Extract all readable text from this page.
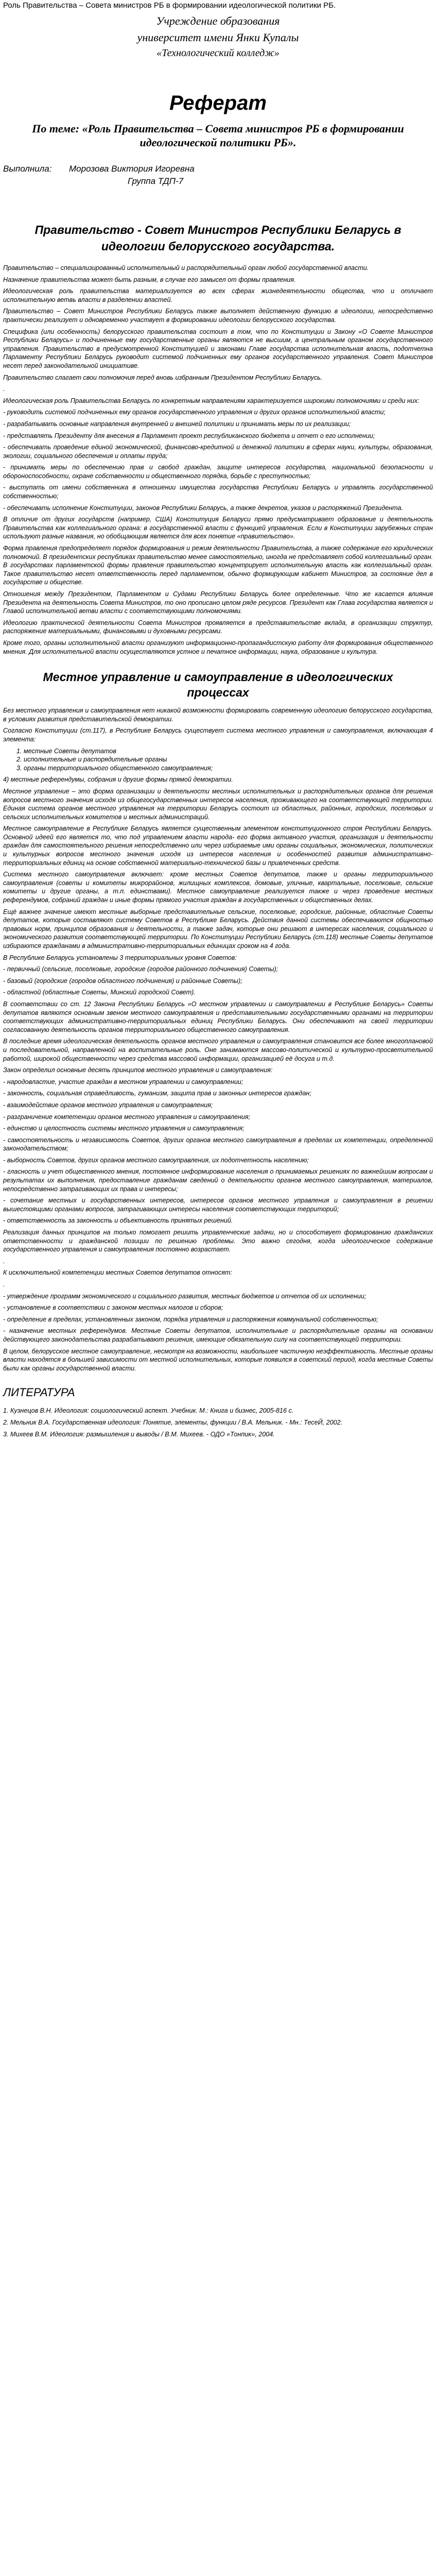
Роль Правительства – Совета министров РБ в формировании идеологической политики РБ.
Учреждение образования
университет имени Янки Купалы
«Технологический колледж»
Реферат
По теме: «Роль Правительства – Совета министров РБ в формировании идеологической политики РБ».
Выполнила: Морозова Виктория Игоревна
Группа ТДП-7
Правительство - Совет Министров Республики Беларусь в идеологии белорусского государства.

Правительство – специализированный исполнительный и распорядительный орган любой государственной власти.

Назначение правительства может быть разным, в случае его замысел от формы правления.

Идеологическая роль правительства материализуется во всех сферах жизнедеятельности общества, что и отличает исполнительную ветвь власти в разделении властей.

Правительство – Совет Министров Республики Беларусь также выполняет действенную функцию в идеологии, непосредственно практически реализует и одновременно участвует в формировании идеологии белорусского государства.

Специфика (или особенность) белорусского правительства состоит в том, что по Конституции и Закону «О Совете Министров Республики Беларусь» и подчиненные ему государственные органы являются не высшим, а центральным органом государственного управления. Правительство в предусмотренной Конституцией и законами Главе государства исполнительная власть, подотчетна Парламенту Республики Беларусь руководит системой подчиненных ему органов государственного управления. Совет Министров несет перед законодательной инициативе.

Правительство слагает свои полномочия перед вновь избранным Президентом Республики Беларусь.

.

Идеологическая роль Правительства Беларусь по конкретным направлениям характеризуется широкими полномочиями и среди них:

- руководить системой подчиненных ему органов государственного управления и других органов исполнительной власти;

- разрабатывать основные направления внутренней и внешней политики и принимать меры по их реализации;

- представлять Президенту для внесения в Парламент проект республиканского бюджета и отчет о его исполнении;

- обеспечивать проведение единой экономической, финансово-кредитной и денежной политики в сферах науки, культуры, образования, экологии, социального обеспечения и оплаты труда;

- принимать меры по обеспечению прав и свобод граждан, защите интересов государства, национальной безопасности и обороноспособности, охране собственности и общественного порядка, борьбе с преступностью;

- выступать от имени собственника в отношении имущества государства Республики Беларусь и управлять государственной собственностью;

- обеспечивать исполнение Конституции, законов Республики Беларусь, а также декретов, указов и распоряжений Президента.

В отличие от других государств (например, США) Конституция Беларуси прямо предусматривает образование и деятельность Правительства как коллегиального органа: в государственной власти с функцией управления. Если в Конституции зарубежных стран используют разные названия, но обобщающим является для всех понятие «правительство».

Форма правления предопределяет порядок формирования и режим деятельности Правительства, а также содержание его юридических полномочий. В президентских республиках правительство менее самостоятельно, иногда не представляет собой коллегиальный орган. В государствах парламентской формы правления правительство концентрирует исполнительную власть как коллегиальный орган. Такое правительство несет ответственность перед парламентом, обычно формирующим кабинет Министров, за состояние дел в государстве и обществе.

Отношения между Президентом, Парламентом и Судами Республики Беларусь более определенные. Что же касается влияния Президента на деятельность Совета Министров, то оно прописано целом ряде ресурсов. Президент как Глава государства является и Главой исполнительной ветви власти с соответствующими полномочиями.

Идеологию практической деятельности Совета Министров проявляется в представительстве вклада, в организации структур, распоряжение материальными, финансовыми и духовными ресурсами.

Кроме того, органы исполнительной власти организуют информационно-пропагандистскую работу для формирования общественного мнения. Для исполнительной власти осуществляются устное и печатное информации, наука, образование и культура.

Местное управление и самоуправление в идеологических процессах

Без местного управления и самоуправления нет никакой возможности формировать современную идеологию белорусского государства, в условиях развития представительской демократии.

Согласно Конституции (ст.117), в Республике Беларусь существует система местного управления и самоуправления, включающая 4 элемента:

1. местные Советы депутатов
2. исполнительные и распорядительные органы
3. органы территориального общественного самоуправления;

4) местные референдумы, собрания и другие формы прямой демократии.

Местное управление – это форма организации и деятельности местных исполнительных и распорядительных органов для решения вопросов местного значения исходя из общегосударственных интересов населения, проживающего на соответствующей территории. Единая система органов местного управления на территории Беларусь состоит из областных, районных, городских, поселковых и сельских исполнительных комитетов и местных администраций.

Местное самоуправление в Республике Беларусь является существенным элементом конституционного строя Республики Беларусь. Основной идеей его является то, что под управлением власти народа- его форма активного участия, организация и деятельности граждан для самостоятельного решения непосредственно или через избираемые ими органы социальных, экономических, политических и культурных вопросов местного значения исходя из интересов населения и особенностей развития административно-территориальных единиц на основе собственной материально-технической базы и привлеченных средств.

Система местного самоуправления включает: кроме местных Советов депутатов, также и органы территориального самоуправления (советы и комитеты микрорайонов, жилищных комплексов, домовые, уличные, квартальные, поселковые, сельские комитеты и другие органы, а т.п. единствами). Местное самоуправление реализуется также и через проведение местных референдумов, собраний граждан и иные формы прямого участия граждан в государственных и общественных делах.

Ещё важнее значение имеют местные выборные представительные сельские, поселковые, городские, районные, областные Советы депутатов, которые составляют систему Советов в Республике Беларусь. Действия данной системы обеспечиваются общностью правовых норм, принципов образования и деятельности, а также задач, которые они решают в интересах населения, социального и экономического развития соответствующей территории. По Конституции Республики Беларусь (ст.118) местные Советы депутатов избираются гражданами в административно-территориальных единицах сроком на 4 года.

В Республике Беларусь установлены 3 территориальных уровня Советов:

- первичный (сельские, поселковые, городские (городов районного подчинения) Советы);

- базовый (городские (городов областного подчинения) и районные Советы);

- областной (областные Советы, Минский городской Совет).

В соответствии со ст. 12 Закона Республики Беларусь «О местном управлении и самоуправлении в Республике Беларусь» Советы депутатов являются основным звеном местного самоуправления и представительными государственными органами на территории соответствующих административно-территориальных единиц Республики Беларусь. Они обеспечивают на своей территории согласованную деятельность органов территориального общественного самоуправления.

В последние время идеологическая деятельность органов местного управления и самоуправления становится все более многоплановой и последовательной, направленной на воспитательные роль. Оне занимаются массово-политической и культурно-просветительной работой, широкой общественности через средства массовой информации, организацией её досуга и т.д.

Закон определил основные десять принципов местного управления и самоуправления:

- народовластие, участие граждан в местном управлении и самоуправлении;

- законность, социальная справедливость, гуманизм, защита прав и законных интересов граждан;

- взаимодействие органов местного управления и самоуправления;

- разграничение компетенции органов местного управления и самоуправления;

- единство и целостность системы местного управления и самоуправления;

- самостоятельность и независимость Советов, других органов местного самоуправления в пределах их компетенции, определенной законодательством;

- выборность Советов, других органов местного самоуправления, их подотчетность населению;

- гласность и учет общественного мнения, постоянное информирование населения о принимаемых решениях по важнейшим вопросам и результатах их выполнения, предоставление гражданам сведений о деятельности органов местного самоуправления, материалов, непосредственно затрагивающих их права и интересы;

- сочетание местных и государственных интересов, интересов органов местного управления и самоуправления в решении вышестоящими органами вопросов, затрагивающих интересы населения соответствующих территорий;

- ответственность за законность и объективность принятых решений.

Реализация данных принципов на только помогает решить управленческие задачи, но и способствует формированию гражданских ответственности и гражданской позиции по решению проблемы. Это важно сегодня, когда идеологическое содержание государственного управления и самоуправления постоянно возрастает.

.

К исключительной компетенции местных Советов депутатов относят:

.

- утверждение программ экономического и социального развития, местных бюджетов и отчетов об их исполнении;

- установление в соответствии с законом местных налогов и сборов;

- определение в пределах, установленных законом, порядка управления и распоряжения коммунальной собственностью;

- назначение местных референдумов. Местные Советы депутатов, исполнительные и распорядительные органы на основании действующего законодательства разрабатывают решения, имеющие обязательную силу на соответствующей территории.

В целом, белорусское местное самоуправление, несмотря на возможности, наибольшее частичную неэффективность. Местные органы власти находятся в большей зависимости от местной исполнительных, которые появился в советский период, когда местные Советы были как органы государственной власти.

ЛИТЕРАТУРА

1. Кузнецов В.Н. Идеология: социологический аспект. Учебник. М.: Книга и бизнес, 2005-816 с.

2. Мельник В.А. Государственная идеология: Понятие, элементы, функции / В.А. Мельник. - Мн.: ТесеЙ, 2002.

3. Михеев В.М. Идеология: размышления и выводы / В.М. Михеев. - ОДО «Тонпик», 2004.
